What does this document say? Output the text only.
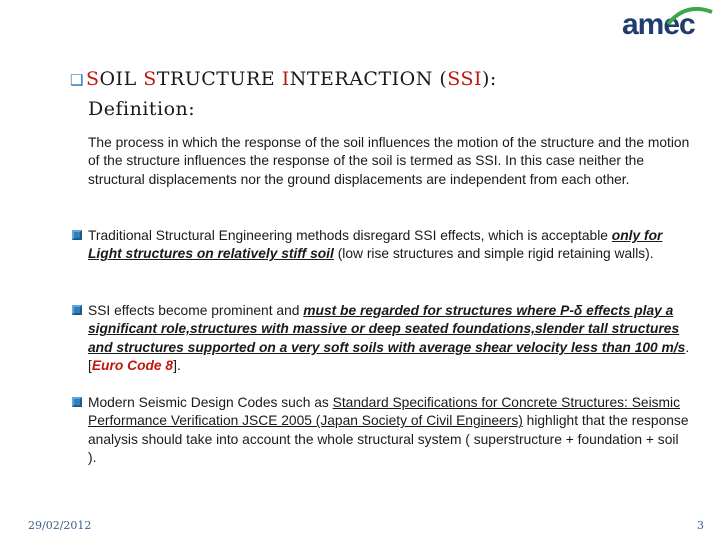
amec
❑ SOIL STRUCTURE INTERACTION (SSI):
Definition:

The process in which the response of the soil influences the motion of the structure and the motion of the structure influences the response of the soil is termed as SSI. In this case neither the structural displacements nor the ground displacements are independent from each other.

Traditional Structural Engineering methods disregard SSI effects, which is acceptable only for Light structures on relatively stiff soil (low rise structures and simple rigid retaining walls).
SSI effects become prominent and must be regarded for structures where P-δ effects play a significant role,structures with massive or deep seated foundations,slender tall structures and structures supported on a very soft soils with average shear velocity less than 100 m/s.[Euro Code 8].
Modern Seismic Design Codes such as Standard Specifications for Concrete Structures: Seismic Performance Verification JSCE 2005 (Japan Society of Civil Engineers) highlight that the response analysis should take into account the whole structural system ( superstructure + foundation + soil ).
29/02/2012	3
